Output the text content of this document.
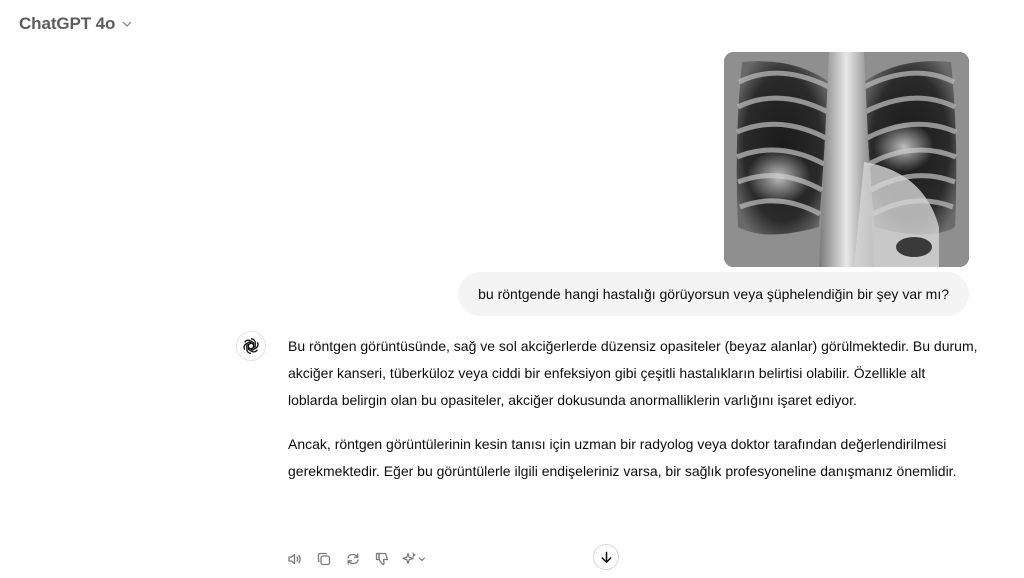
ChatGPT 4o
bu röntgende hangi hastalığı görüyorsun veya şüphelendiğin bir şey var mı?

Bu röntgen görüntüsünde, sağ ve sol akciğerlerde düzensiz opasiteler (beyaz alanlar) görülmektedir. Bu durum, akciğer kanseri, tüberküloz veya ciddi bir enfeksiyon gibi çeşitli hastalıkların belirtisi olabilir. Özellikle alt loblarda belirgin olan bu opasiteler, akciğer dokusunda anormalliklerin varlığını işaret ediyor.

Ancak, röntgen görüntülerinin kesin tanısı için uzman bir radyolog veya doktor tarafından değerlendirilmesi gerekmektedir. Eğer bu görüntülerle ilgili endişeleriniz varsa, bir sağlık profesyoneline danışmanız önemlidir.
